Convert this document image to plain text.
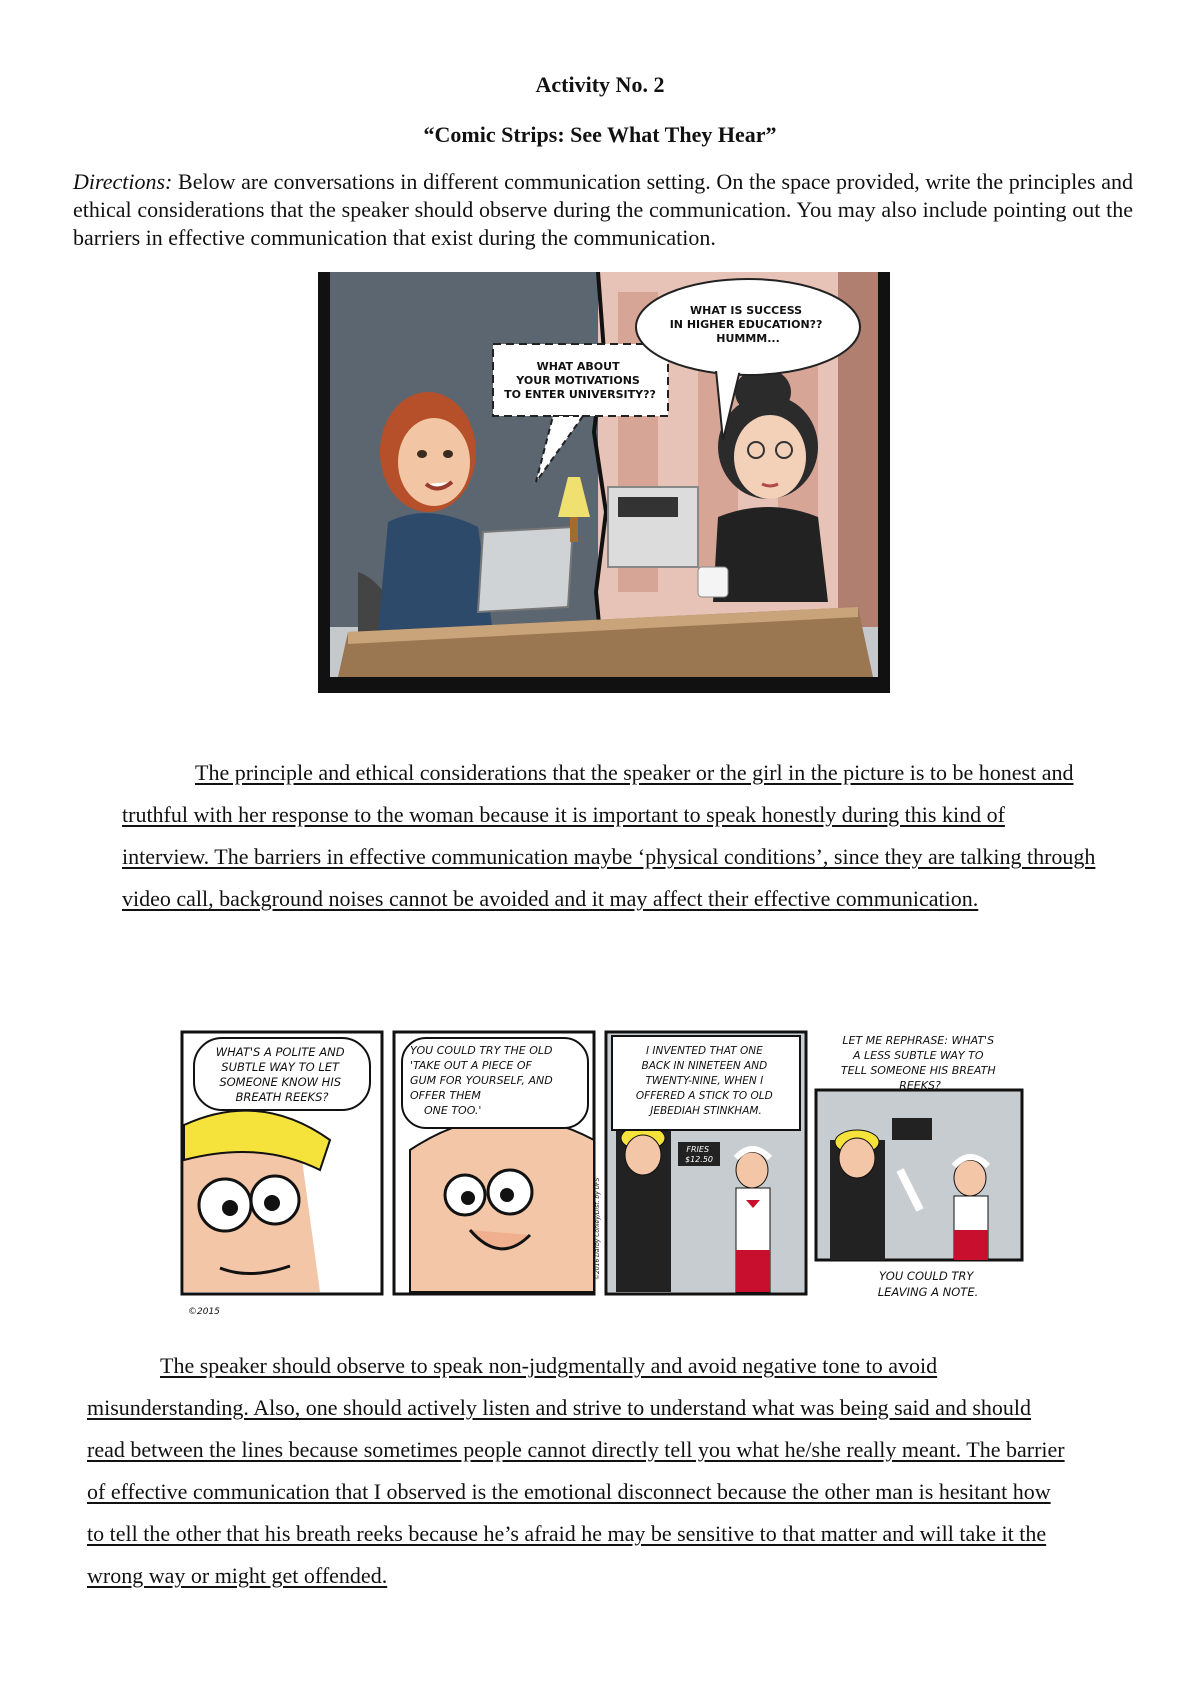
Activity No. 2
“Comic Strips: See What They Hear”
Directions: Below are conversations in different communication setting. On the space provided, write the principles and ethical considerations that the speaker should observe during the communication. You may also include pointing out the barriers in effective communication that exist during the communication.
WHAT ABOUT YOUR MOTIVATIONS TO ENTER UNIVERSITY??
WHAT IS SUCCESS IN HIGHER EDUCATION?? HUMMM...
The principle and ethical considerations that the speaker or the girl in the picture is to be honest and truthful with her response to the woman because it is important to speak honestly during this kind of interview. The barriers in effective communication maybe ‘physical conditions’, since they are talking through video call, background noises cannot be avoided and it may affect their effective communication.
WHAT'S A POLITE AND SUBTLE WAY TO LET SOMEONE KNOW HIS BREATH REEKS?
©2015
YOU COULD TRY THE OLD 'TAKE OUT A PIECE OF GUM FOR YOURSELF, AND OFFER THEM ONE TOO.'
FRIES $12.50
I INVENTED THAT ONE BACK IN NINETEEN AND TWENTY-NINE, WHEN I OFFERED A STICK TO OLD JEBEDIAH STINKHAM.
©2016 Darby Conley/Dist. by UFS
LET ME REPHRASE: WHAT'S A LESS SUBTLE WAY TO TELL SOMEONE HIS BREATH REEKS?
YOU COULD TRY LEAVING A NOTE.
The speaker should observe to speak non-judgmentally and avoid negative tone to avoid misunderstanding. Also, one should actively listen and strive to understand what was being said and should read between the lines because sometimes people cannot directly tell you what he/she really meant. The barrier of effective communication that I observed is the emotional disconnect because the other man is hesitant how to tell the other that his breath reeks because he’s afraid he may be sensitive to that matter and will take it the wrong way or might get offended.
